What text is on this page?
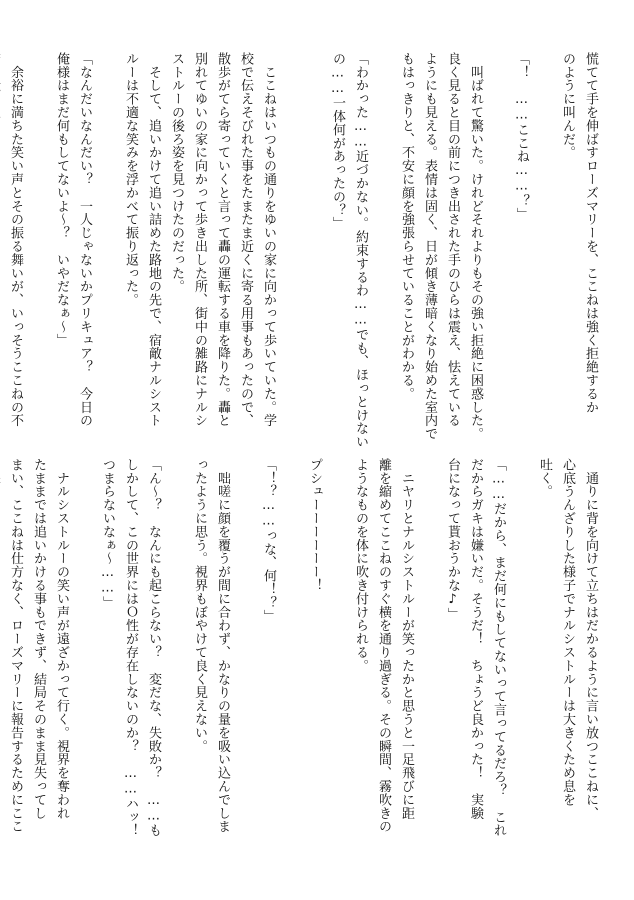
慌てて手を伸ばすローズマリーを、ここねは強く拒絶するか
のように叫んだ。

「！　……ここね……？」

　叫ばれて驚いた。けれどそれよりもその強い拒絶に困惑した。
良く見ると目の前につき出された手のひらは震え、怯えている
ようにも見える。表情は固く、日が傾き薄暗くなり始めた室内で
もはっきりと、不安に顔を強張らせていることがわかる。

「わかった……近づかない。約束するわ……でも、ほっとけない
の……一体何があったの？」

　ここねはいつもの通りをゆいの家に向かって歩いていた。学
校で伝えそびれた事をたまたま近くに寄る用事もあったので、
散歩がてら寄っていくと言って轟の運転する車を降りた。轟と
別れてゆいの家に向かって歩き出した所、街中の雑路にナルシ
ストルーの後ろ姿を見つけたのだった。
　そして、追いかけて追い詰めた路地の先で、宿敵ナルシスト
ルーは不適な笑みを浮かべて振り返った。

「なんだいなんだい？　一人じゃないかプリキュア？　今日の
俺様はまだ何もしてないよ～？　いやだなぁ～」

　余裕に満ちた笑い声とその振る舞いが、いっそうここねの不

　通りに背を向けて立ちはだかるように言い放つここねに、
心底うんざりした様子でナルシストルーは大きくため息を
吐く。

「……だから、まだ何にもしてないって言ってるだろ？　これ
だからガキは嫌いだ。そうだ！　ちょうど良かった！　実験
台になって貰おうかな♪」

　ニヤリとナルシストルーが笑ったかと思うと一足飛びに距
離を縮めてここねのすぐ横を通り過ぎる。その瞬間、霧吹きの
ようなものを体に吹き付けられる。

プシューーーーーー！

「！？……っな、何！？」

　咄嗟に顔を覆うが間に合わず、かなりの量を吸い込んでしま
ったように思う。視界もぼやけて良く見えない。

「ん～？　なんにも起こらない？　変だな、失敗か？　……も
しかして、この世界にはＯ性が存在しないのか？　……ハッ！
つまらないなぁ～……」

　ナルシストルーの笑い声が遠ざかって行く。視界を奪われ
たままでは追いかける事もできず、結局そのまま見失ってし
まい、ここねは仕方なく、ローズマリーに報告するためにここ
